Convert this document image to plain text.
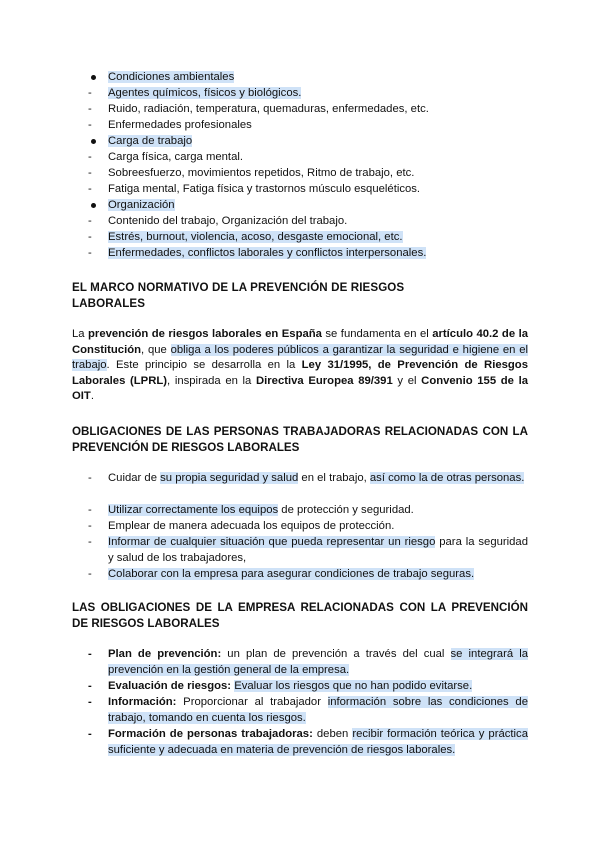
Condiciones ambientales
-	Agentes químicos, físicos y biológicos.
-	Ruido, radiación, temperatura, quemaduras, enfermedades, etc.
-	Enfermedades profesionales
Carga de trabajo
-	Carga física, carga mental.
-	Sobreesfuerzo, movimientos repetidos, Ritmo de trabajo, etc.
-	Fatiga mental, Fatiga física y trastornos músculo esqueléticos.
Organización
-	Contenido del trabajo, Organización del trabajo.
-	Estrés, burnout, violencia, acoso, desgaste emocional, etc.
-	Enfermedades, conflictos laborales y conflictos interpersonales.
EL MARCO NORMATIVO DE LA PREVENCIÓN DE RIESGOS
LABORALES
La prevención de riesgos laborales en España se fundamenta en el artículo 40.2 de la Constitución, que obliga a los poderes públicos a garantizar la seguridad e higiene en el trabajo. Este principio se desarrolla en la Ley 31/1995, de Prevención de Riesgos Laborales (LPRL), inspirada en la Directiva Europea 89/391 y el Convenio 155 de la OIT.
OBLIGACIONES DE LAS PERSONAS TRABAJADORAS RELACIONADAS CON LA PREVENCIÓN DE RIESGOS LABORALES
- Cuidar de su propia seguridad y salud en el trabajo, así como la de otras personas.
- Utilizar correctamente los equipos de protección y seguridad.
- Emplear de manera adecuada los equipos de protección.
- Informar de cualquier situación que pueda representar un riesgo para la seguridad y salud de los trabajadores,
- Colaborar con la empresa para asegurar condiciones de trabajo seguras.
LAS OBLIGACIONES DE LA EMPRESA RELACIONADAS CON LA PREVENCIÓN DE RIESGOS LABORALES
- Plan de prevención: un plan de prevención a través del cual se integrará la prevención en la gestión general de la empresa.
- Evaluación de riesgos: Evaluar los riesgos que no han podido evitarse.
- Información: Proporcionar al trabajador información sobre las condiciones de trabajo, tomando en cuenta los riesgos.
- Formación de personas trabajadoras: deben recibir formación teórica y práctica suficiente y adecuada en materia de prevención de riesgos laborales.
